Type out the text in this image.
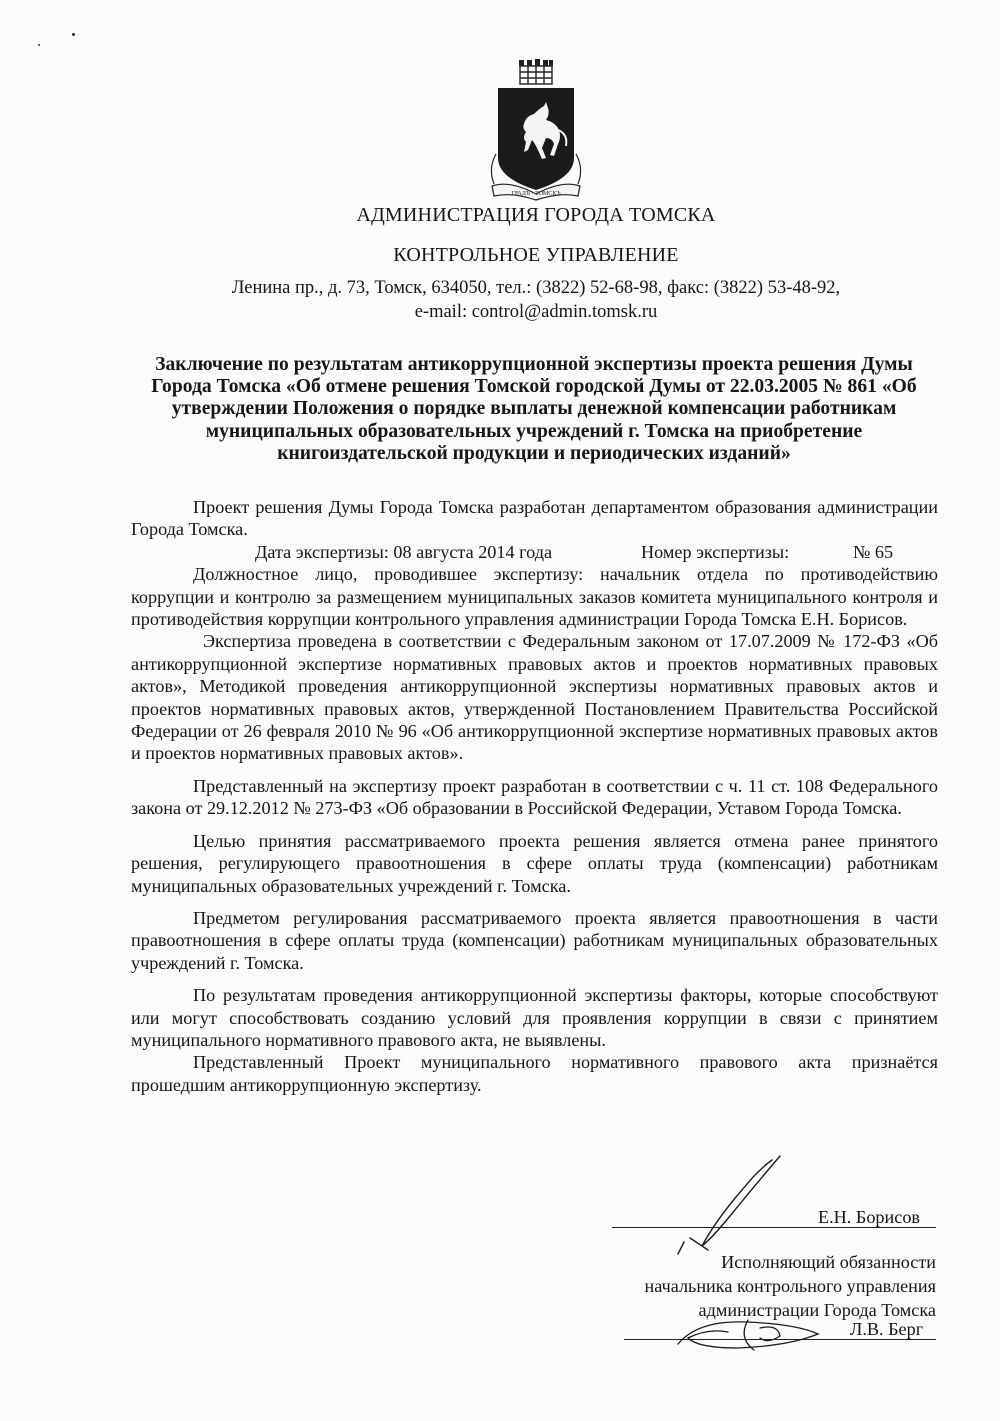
ГРАДЪ · ТОМСКЪ
АДМИНИСТРАЦИЯ ГОРОДА ТОМСКА
КОНТРОЛЬНОЕ УПРАВЛЕНИЕ
Ленина пр., д. 73, Томск, 634050, тел.: (3822) 52-68-98, факс: (3822) 53-48-92,
e-mail: control@admin.tomsk.ru
Заключение по результатам антикоррупционной экспертизы проекта решения Думы
Города Томска «Об отмене решения Томской городской Думы от 22.03.2005 № 861 «Об
утверждении Положения о порядке выплаты денежной компенсации работникам
муниципальных образовательных учреждений г. Томска на приобретение
книгоиздательской продукции и периодических изданий»

Проект решения Думы Города Томска разработан департаментом образования администрации Города Томска.

Дата экспертизы: 08 августа 2014 года	Номер экспертизы:	№ 65

Должностное лицо, проводившее экспертизу: начальник отдела по противодействию коррупции и контролю за размещением муниципальных заказов комитета муниципального контроля и противодействия коррупции контрольного управления администрации Города Томска Е.Н. Борисов.

Экспертиза проведена в соответствии с Федеральным законом от 17.07.2009 № 172-ФЗ «Об антикоррупционной экспертизе нормативных правовых актов и проектов нормативных правовых актов», Методикой проведения антикоррупционной экспертизы нормативных правовых актов и проектов нормативных правовых актов, утвержденной Постановлением Правительства Российской Федерации от 26 февраля 2010 № 96 «Об антикоррупционной экспертизе нормативных правовых актов и проектов нормативных правовых актов».

Представленный на экспертизу проект разработан в соответствии с ч. 11 ст. 108 Федерального закона от 29.12.2012 № 273-ФЗ «Об образовании в Российской Федерации, Уставом Города Томска.

Целью принятия рассматриваемого проекта решения является отмена ранее принятого решения, регулирующего правоотношения в сфере оплаты труда (компенсации) работникам муниципальных образовательных учреждений г. Томска.

Предметом регулирования рассматриваемого проекта является правоотношения в части правоотношения в сфере оплаты труда (компенсации) работникам муниципальных образовательных учреждений г. Томска.

По результатам проведения антикоррупционной экспертизы факторы, которые способствуют или могут способствовать созданию условий для проявления коррупции в связи с принятием муниципального нормативного правового акта, не выявлены.

Представленный Проект муниципального нормативного правового акта признаётся прошедшим антикоррупционную экспертизу.

Е.Н. Борисов
Исполняющий обязанности
начальника контрольного управления
администрации Города Томска
Л.В. Берг
